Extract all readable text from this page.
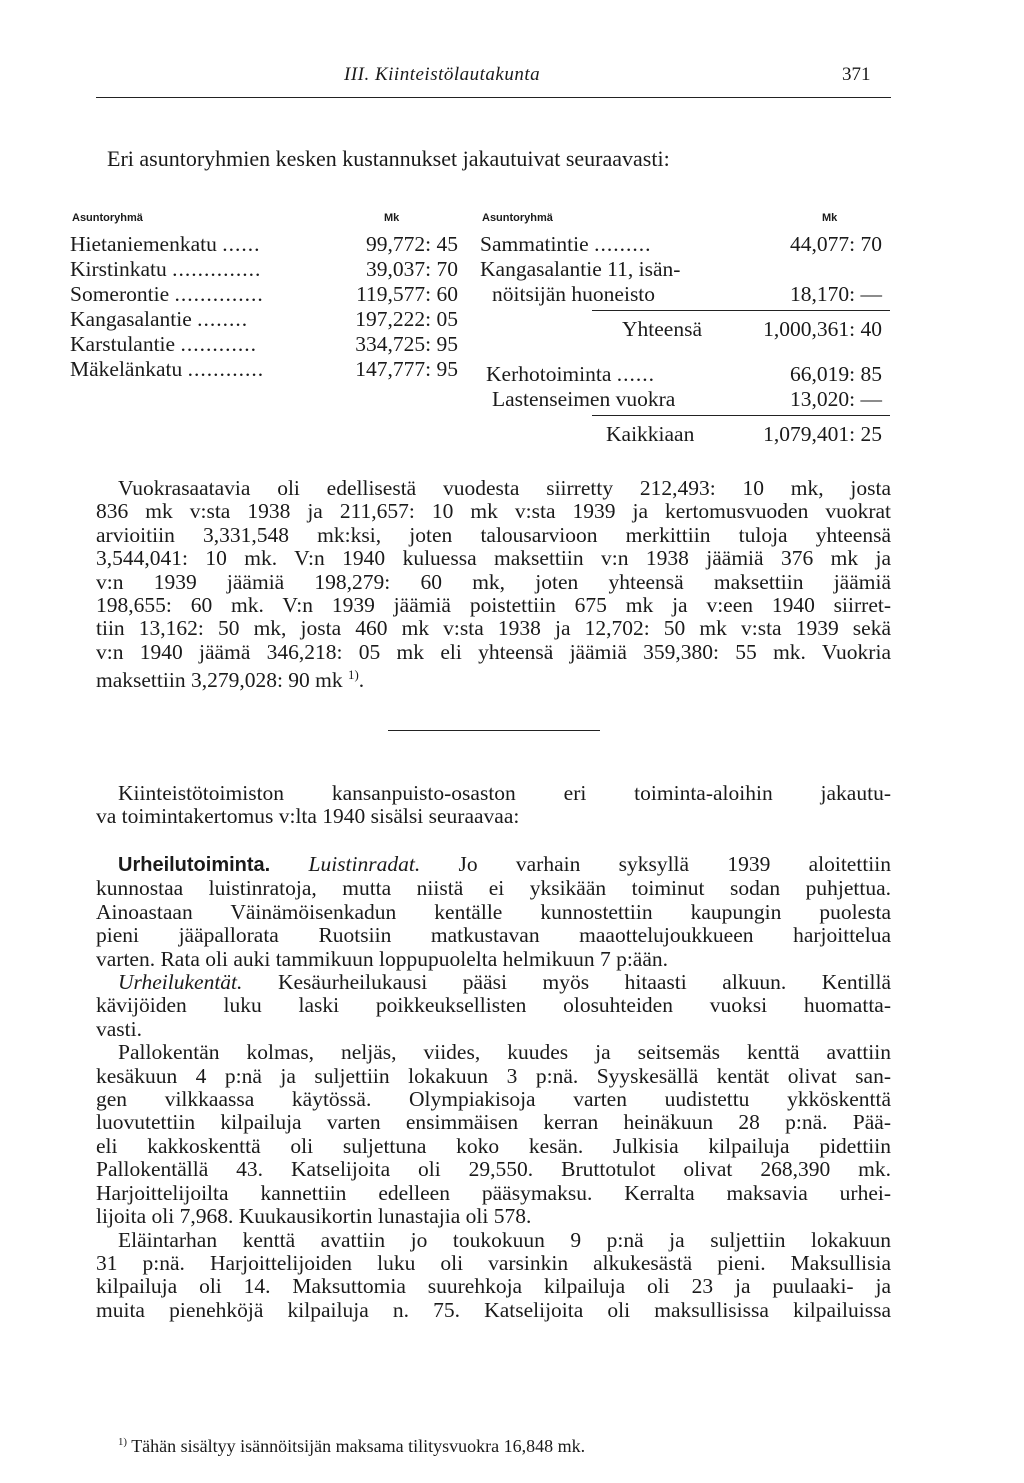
III. Kiinteistölautakunta	371
Eri asuntoryhmien kesken kustannukset jakautuivat seuraavasti:
Asuntoryhmä	Mk
Hietaniemenkatu ......	99,772: 45
Kirstinkatu ..............	39,037: 70
Somerontie ..............	119,577: 60
Kangasalantie ........	197,222: 05
Karstulantie ............	334,725: 95
Mäkelänkatu ............	147,777: 95
Asuntoryhmä	Mk
Sammatintie .........	44,077: 70
Kangasalantie 11, isän-
nöitsijän huoneisto	18,170: —
Yhteensä	1,000,361: 40
Kerhotoiminta ......	66,019: 85
Lastenseimen vuokra	13,020: —
Kaikkiaan	1,079,401: 25
Vuokrasaatavia oli edellisestä vuodesta siirretty 212,493: 10 mk, josta
836 mk v:sta 1938 ja 211,657: 10 mk v:sta 1939 ja kertomusvuoden vuokrat
arvioitiin 3,331,548 mk:ksi, joten talousarvioon merkittiin tuloja yhteensä
3,544,041: 10 mk. V:n 1940 kuluessa maksettiin v:n 1938 jäämiä 376 mk ja
v:n 1939 jäämiä 198,279: 60 mk, joten yhteensä maksettiin jäämiä
198,655: 60 mk. V:n 1939 jäämiä poistettiin 675 mk ja v:een 1940 siirret-
tiin 13,162: 50 mk, josta 460 mk v:sta 1938 ja 12,702: 50 mk v:sta 1939 sekä
v:n 1940 jäämä 346,218: 05 mk eli yhteensä jäämiä 359,380: 55 mk. Vuokria
maksettiin 3,279,028: 90 mk $^{1)}$.
Kiinteistötoimiston kansanpuisto-osaston eri toiminta-aloihin jakautu-
va toimintakertomus v:lta 1940 sisälsi seuraavaa:
Urheilutoiminta. Luistinradat. Jo varhain syksyllä 1939 aloitettiin
kunnostaa luistinratoja, mutta niistä ei yksikään toiminut sodan puhjettua.
Ainoastaan Väinämöisenkadun kentälle kunnostettiin kaupungin puolesta
pieni jääpallorata Ruotsiin matkustavan maaottelujoukkueen harjoittelua
varten. Rata oli auki tammikuun loppupuolelta helmikuun 7 p:ään.
Urheilukentät. Kesäurheilukausi pääsi myös hitaasti alkuun. Kentillä
kävijöiden luku laski poikkeuksellisten olosuhteiden vuoksi huomatta-
vasti.
Pallokentän kolmas, neljäs, viides, kuudes ja seitsemäs kenttä avattiin
kesäkuun 4 p:nä ja suljettiin lokakuun 3 p:nä. Syyskesällä kentät olivat san-
gen vilkkaassa käytössä. Olympiakisoja varten uudistettu ykköskenttä
luovutettiin kilpailuja varten ensimmäisen kerran heinäkuun 28 p:nä. Pää-
eli kakkoskenttä oli suljettuna koko kesän. Julkisia kilpailuja pidettiin
Pallokentällä 43. Katselijoita oli 29,550. Bruttotulot olivat 268,390 mk.
Harjoittelijoilta kannettiin edelleen pääsymaksu. Kerralta maksavia urhei-
lijoita oli 7,968. Kuukausikortin lunastajia oli 578.
Eläintarhan kenttä avattiin jo toukokuun 9 p:nä ja suljettiin lokakuun
31 p:nä. Harjoittelijoiden luku oli varsinkin alkukesästä pieni. Maksullisia
kilpailuja oli 14. Maksuttomia suurehkoja kilpailuja oli 23 ja puulaaki- ja
muita pienehköjä kilpailuja n. 75. Katselijoita oli maksullisissa kilpailuissa
$^{1)}$ Tähän sisältyy isännöitsijän maksama tilitysvuokra 16,848 mk.
